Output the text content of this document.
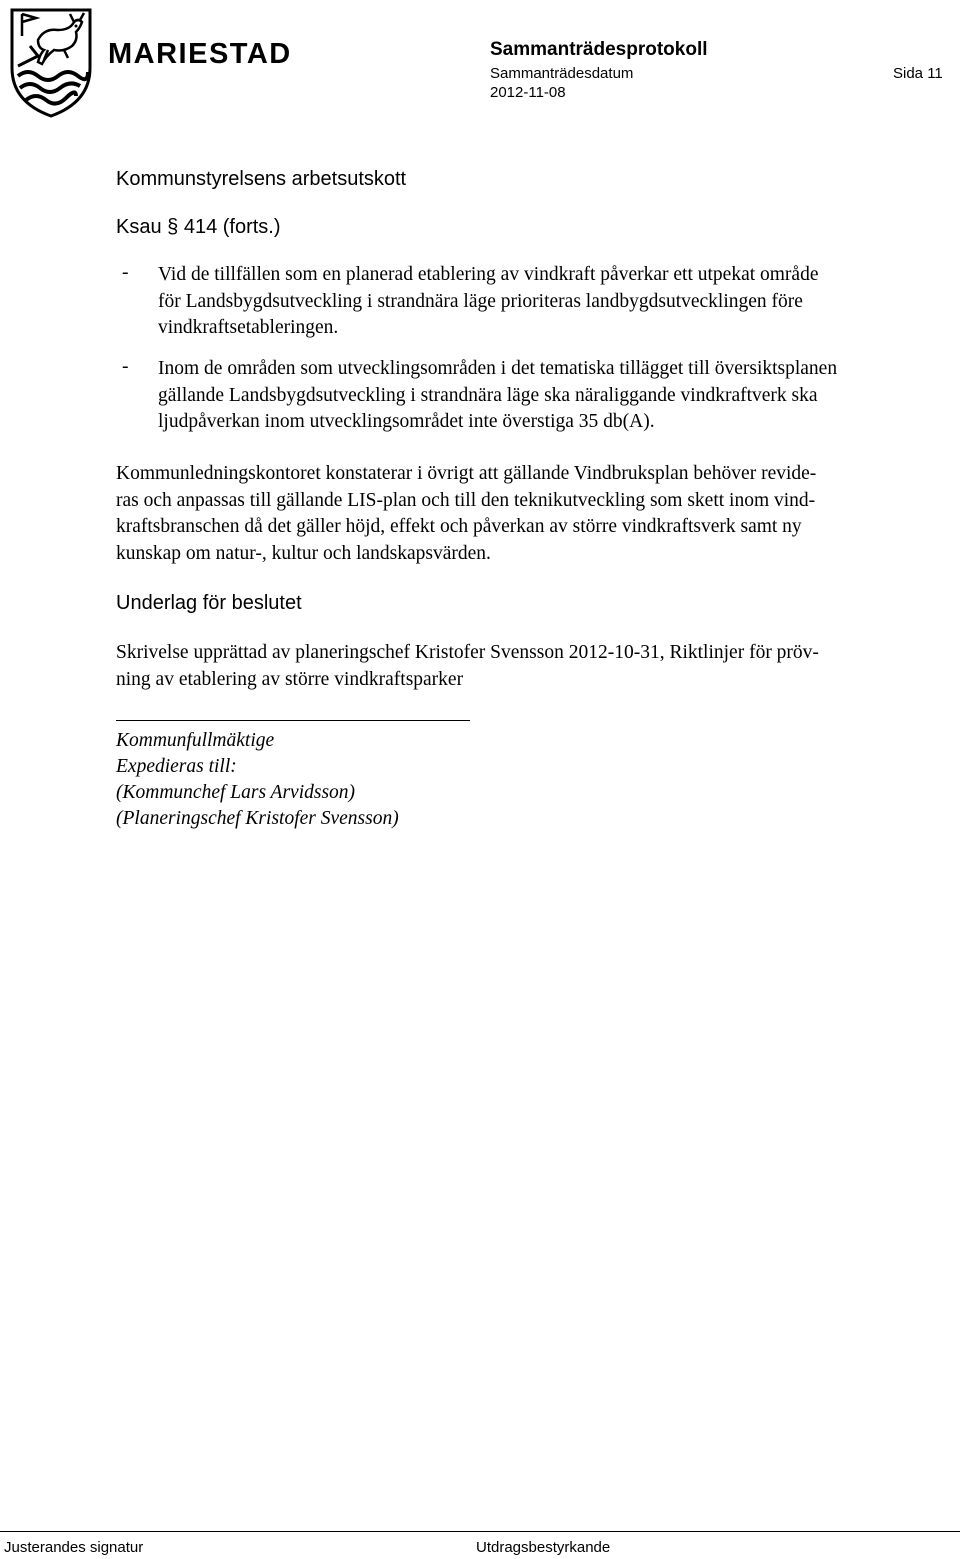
MARIESTAD	Sammanträdesprotokoll
Sammanträdesdatum
2012-11-08
Sida 11
Kommunstyrelsens arbetsutskott
Ksau § 414 (forts.)
- Vid de tillfällen som en planerad etablering av vindkraft påverkar ett utpekat område
för Landsbygdsutveckling i strandnära läge prioriteras landbygdsutvecklingen före
vindkraftsetableringen.
- Inom de områden som utvecklingsområden i det tematiska tillägget till översiktsplanen
gällande Landsbygdsutveckling i strandnära läge ska näraliggande vindkraftverk ska
ljudpåverkan inom utvecklingsområdet inte överstiga 35 db(A).
Kommunledningskontoret konstaterar i övrigt att gällande Vindbruksplan behöver revide-
ras och anpassas till gällande LIS-plan och till den teknikutveckling som skett inom vind-
kraftsbranschen då det gäller höjd, effekt och påverkan av större vindkraftsverk samt ny
kunskap om natur-, kultur och landskapsvärden.
Underlag för beslutet
Skrivelse upprättad av planeringschef Kristofer Svensson 2012-10-31, Riktlinjer för pröv-
ning av etablering av större vindkraftsparker
Kommunfullmäktige
Expedieras till:
(Kommunchef Lars Arvidsson)
(Planeringschef Kristofer Svensson)
Justerandes signatur	Utdragsbestyrkande
